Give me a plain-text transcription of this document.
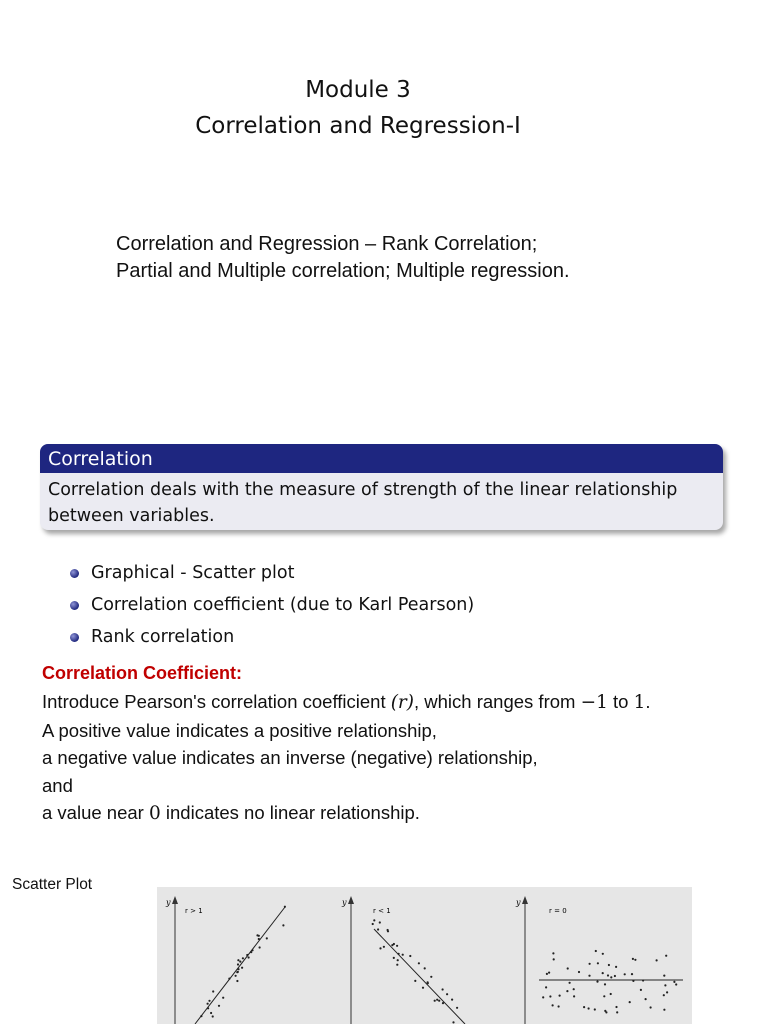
Module 3
Correlation and Regression-I
Correlation and Regression – Rank Correlation;
Partial and Multiple correlation; Multiple regression.
Correlation
Correlation deals with the measure of strength of the linear relationship
between variables.
Graphical - Scatter plot
Correlation coefficient (due to Karl Pearson)
Rank correlation
Correlation Coefficient:
Introduce Pearson's correlation coefficient (r), which ranges from −1 to 1.
A positive value indicates a positive relationship,
a negative value indicates an inverse (negative) relationship,
and
a value near 0 indicates no linear relationship.
Scatter Plot
y
r > 1
y
r < 1
y
r = 0
